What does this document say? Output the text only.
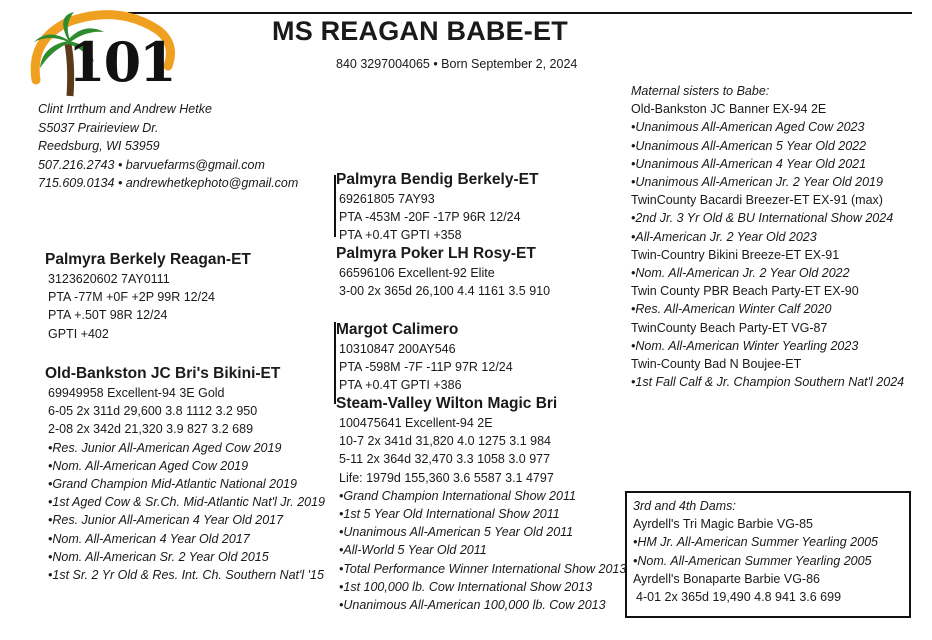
101	MS REAGAN BABE-ET
840 3297004065 • Born September 2, 2024
Clint Irrthum and Andrew Hetke
S5037 Prairieview Dr.
Reedsburg, WI 53959
507.216.2743 • barvuefarms@gmail.com
715.609.0134 • andrewhetkephoto@gmail.com
Palmyra Berkely Reagan-ET
3123620602 7AY0111
PTA -77M +0F +2P 99R 12/24
PTA +.50T 98R 12/24
GPTI +402
Old-Bankston JC Bri's Bikini-ET
69949958 Excellent-94 3E Gold
6-05 2x 311d 29,600 3.8 1112 3.2 950
2-08 2x 342d 21,320 3.9 827 3.2 689
•Res. Junior All-American Aged Cow 2019
•Nom. All-American Aged Cow 2019
•Grand Champion Mid-Atlantic National 2019
•1st Aged Cow & Sr.Ch. Mid-Atlantic Nat'l Jr. 2019
•Res. Junior All-American 4 Year Old 2017
•Nom. All-American 4 Year Old 2017
•Nom. All-American Sr. 2 Year Old 2015
•1st Sr. 2 Yr Old & Res. Int. Ch. Southern Nat'l '15
Palmyra Bendig Berkely-ET
69261805 7AY93
PTA -453M -20F -17P 96R 12/24
PTA +0.4T GPTI +358
Palmyra Poker LH Rosy-ET
66596106 Excellent-92 Elite
3-00 2x 365d 26,100 4.4 1161 3.5 910
Margot Calimero
10310847 200AY546
PTA -598M -7F -11P 97R 12/24
PTA +0.4T GPTI +386
Steam-Valley Wilton Magic Bri
100475641 Excellent-94 2E
10-7 2x 341d 31,820 4.0 1275 3.1 984
5-11 2x 364d 32,470 3.3 1058 3.0 977
Life: 1979d 155,360 3.6 5587 3.1 4797
•Grand Champion International Show 2011
•1st 5 Year Old International Show 2011
•Unanimous All-American 5 Year Old 2011
•All-World 5 Year Old 2011
•Total Performance Winner International Show 2013
•1st 100,000 lb. Cow International Show 2013
•Unanimous All-American 100,000 lb. Cow 2013
Maternal sisters to Babe:
Old-Bankston JC Banner EX-94 2E
•Unanimous All-American Aged Cow 2023
•Unanimous All-American 5 Year Old 2022
•Unanimous All-American 4 Year Old 2021
•Unanimous All-American Jr. 2 Year Old 2019
TwinCounty Bacardi Breezer-ET EX-91 (max)
•2nd Jr. 3 Yr Old & BU International Show 2024
•All-American Jr. 2 Year Old 2023
Twin-Country Bikini Breeze-ET EX-91
•Nom. All-American Jr. 2 Year Old 2022
Twin County PBR Beach Party-ET EX-90
•Res. All-American Winter Calf 2020
TwinCounty Beach Party-ET VG-87
•Nom. All-American Winter Yearling 2023
Twin-County Bad N Boujee-ET
•1st Fall Calf & Jr. Champion Southern Nat'l 2024
3rd and 4th Dams:
Ayrdell's Tri Magic Barbie VG-85
•HM Jr. All-American Summer Yearling 2005
•Nom. All-American Summer Yearling 2005
Ayrdell's Bonaparte Barbie VG-86
4-01 2x 365d 19,490 4.8 941 3.6 699
